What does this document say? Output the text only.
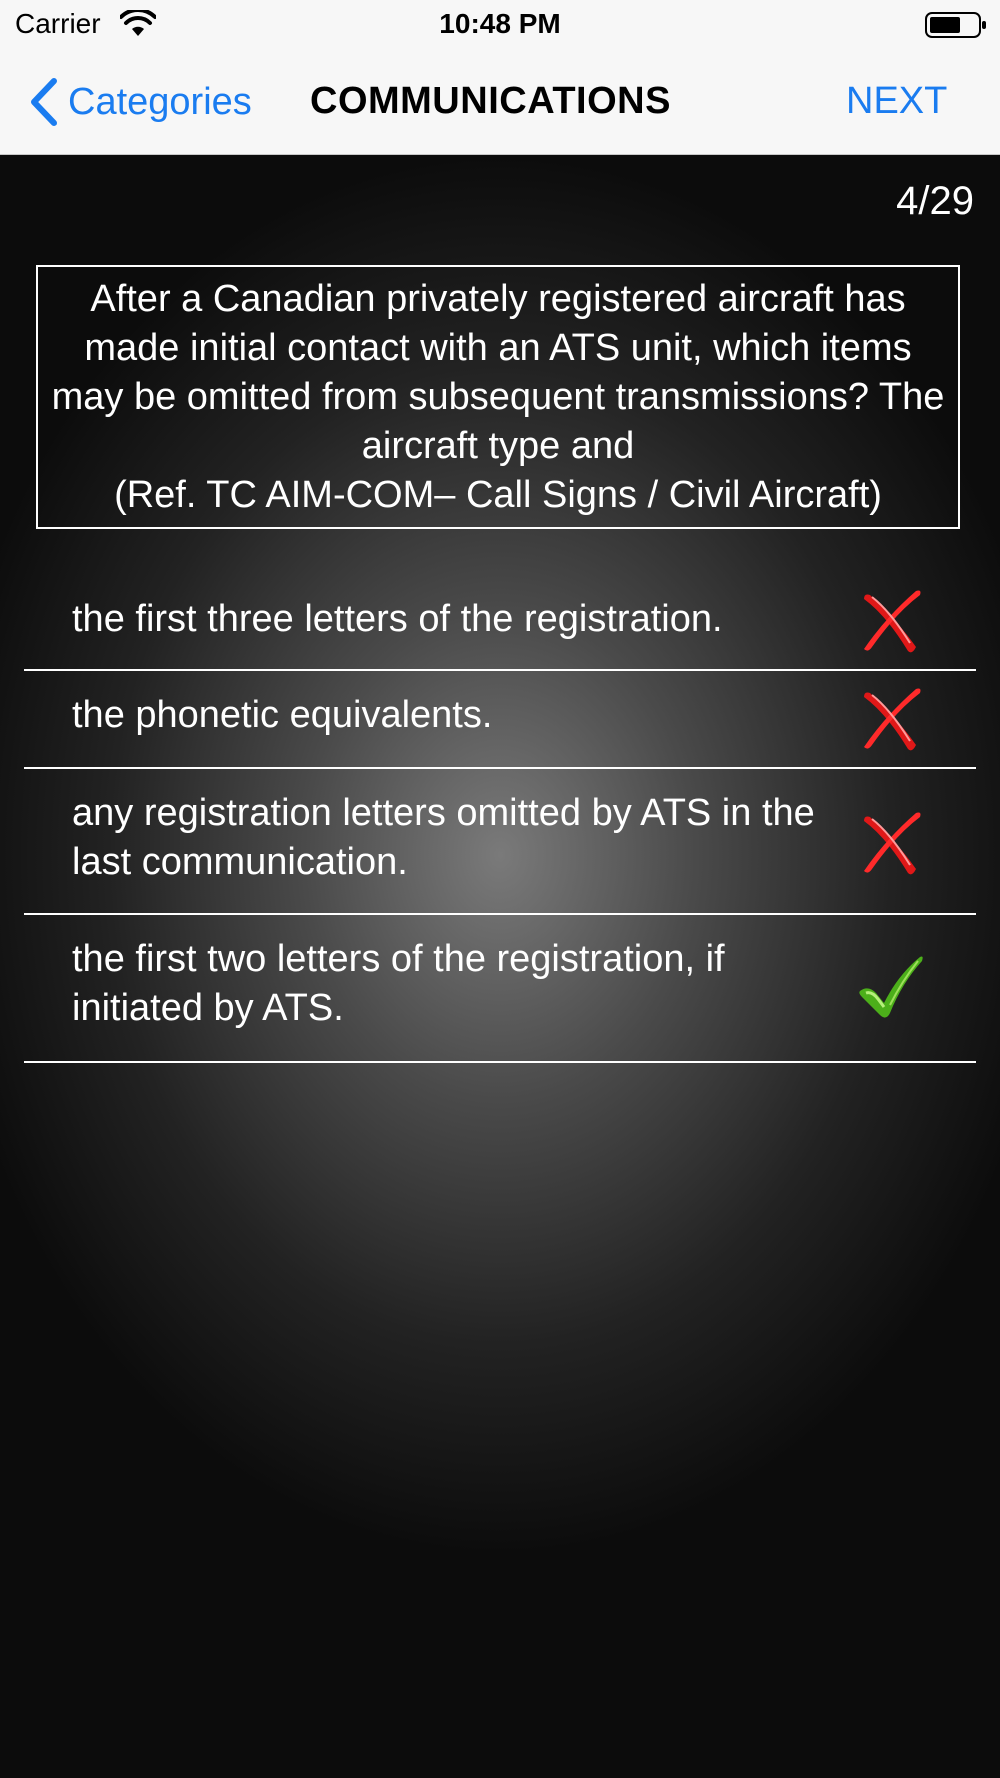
Carrier	10:48 PM
Categories COMMUNICATIONS	NEXT
4/29
After a Canadian privately registered aircraft has made initial contact with an ATS unit, which items may be omitted from subsequent transmissions? The aircraft type and
(Ref. TC AIM-COM– Call Signs / Civil Aircraft)
the first three letters of the registration.
the phonetic equivalents.
any registration letters omitted by ATS in the last communication.
the first two letters of the registration, if initiated by ATS.
